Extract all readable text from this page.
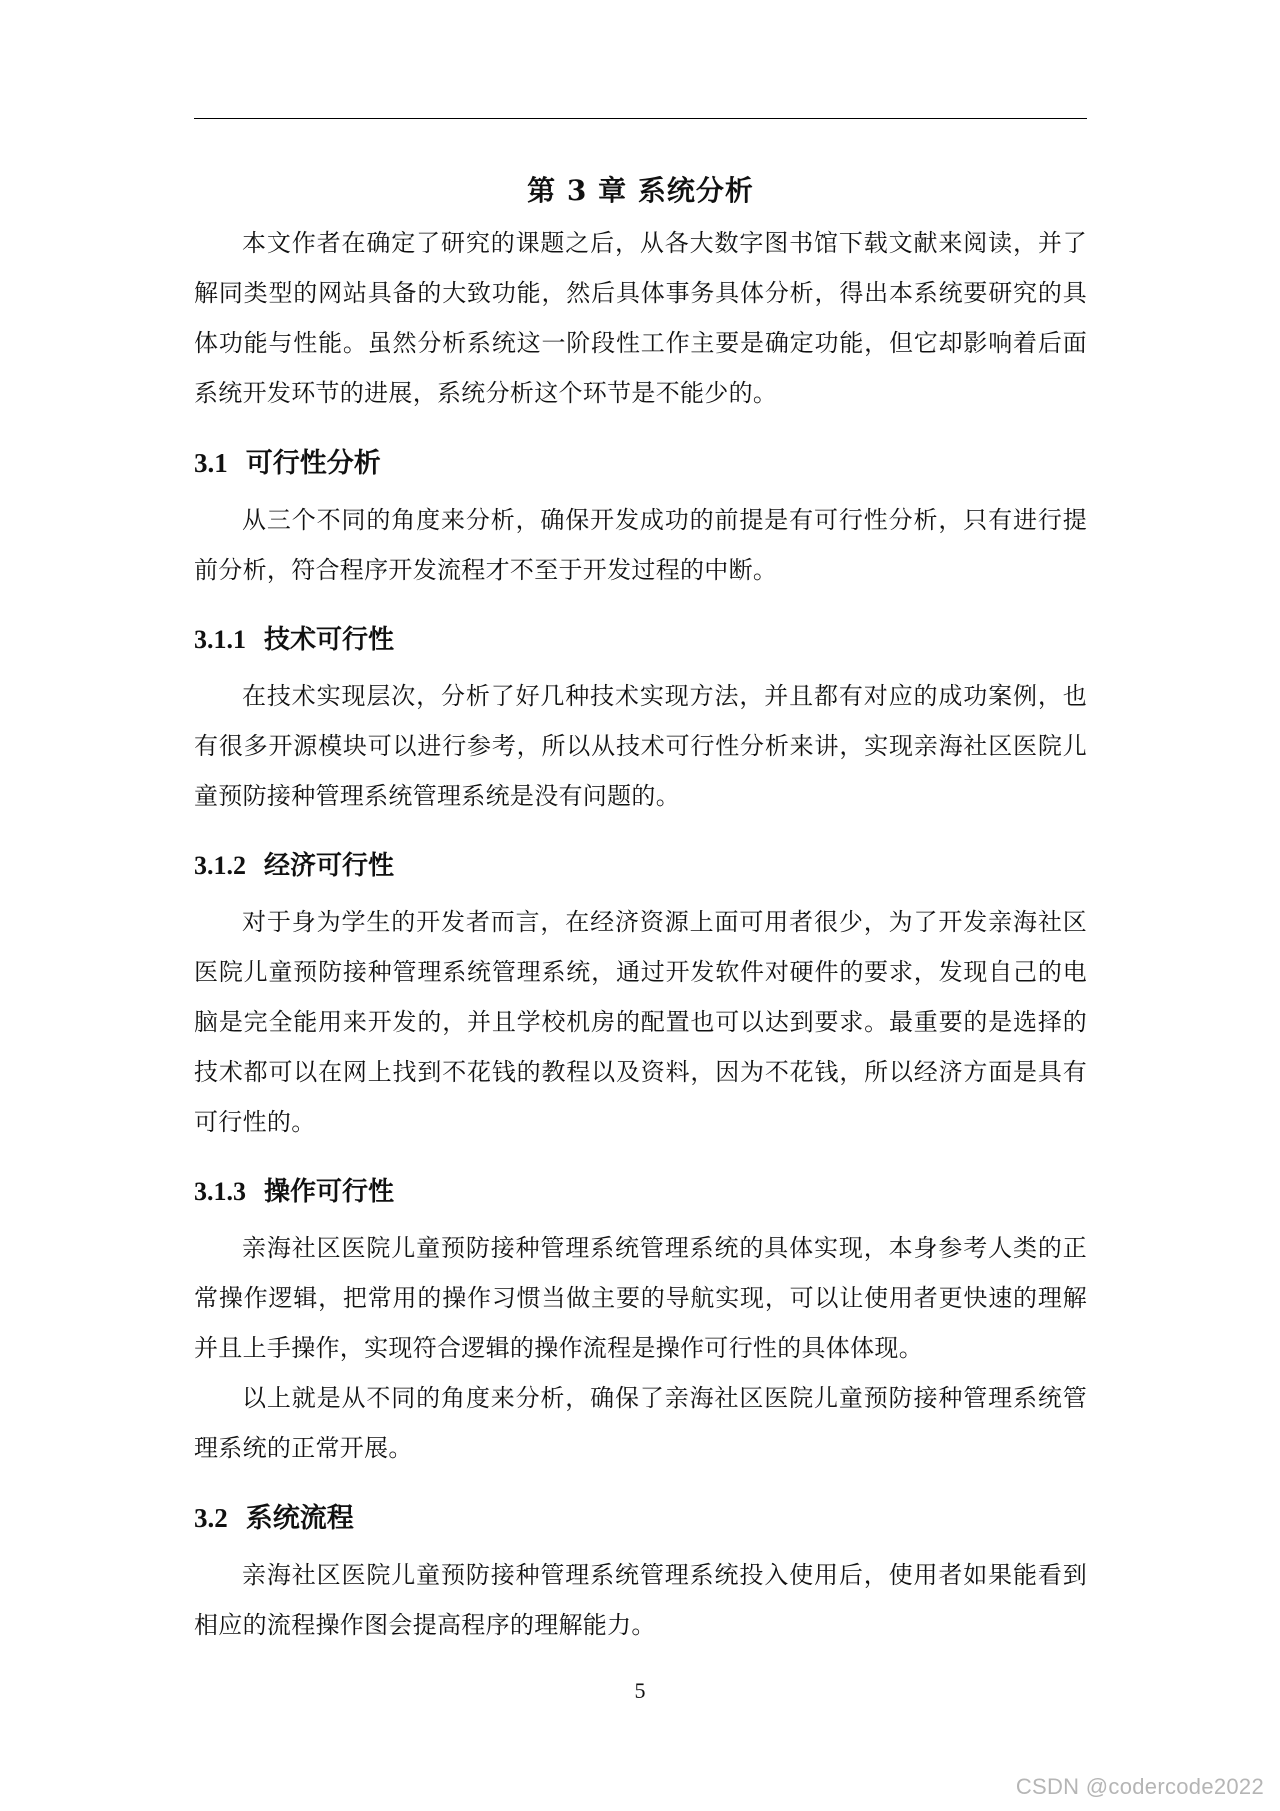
第 3 章 系统分析

本文作者在确定了研究的课题之后，从各大数字图书馆下载文献来阅读，并了解同类型的网站具备的大致功能，然后具体事务具体分析，得出本系统要研究的具体功能与性能。虽然分析系统这一阶段性工作主要是确定功能，但它却影响着后面系统开发环节的进展，系统分析这个环节是不能少的。

3.1 可行性分析

从三个不同的角度来分析，确保开发成功的前提是有可行性分析，只有进行提前分析，符合程序开发流程才不至于开发过程的中断。

3.1.1 技术可行性

在技术实现层次，分析了好几种技术实现方法，并且都有对应的成功案例，也有很多开源模块可以进行参考，所以从技术可行性分析来讲，实现亲海社区医院儿童预防接种管理系统管理系统是没有问题的。

3.1.2 经济可行性

对于身为学生的开发者而言，在经济资源上面可用者很少，为了开发亲海社区医院儿童预防接种管理系统管理系统，通过开发软件对硬件的要求，发现自己的电脑是完全能用来开发的，并且学校机房的配置也可以达到要求。最重要的是选择的技术都可以在网上找到不花钱的教程以及资料，因为不花钱，所以经济方面是具有可行性的。

3.1.3 操作可行性

亲海社区医院儿童预防接种管理系统管理系统的具体实现，本身参考人类的正常操作逻辑，把常用的操作习惯当做主要的导航实现，可以让使用者更快速的理解并且上手操作，实现符合逻辑的操作流程是操作可行性的具体体现。

以上就是从不同的角度来分析，确保了亲海社区医院儿童预防接种管理系统管理系统的正常开展。

3.2 系统流程

亲海社区医院儿童预防接种管理系统管理系统投入使用后，使用者如果能看到相应的流程操作图会提高程序的理解能力。

5
CSDN @codercode2022
